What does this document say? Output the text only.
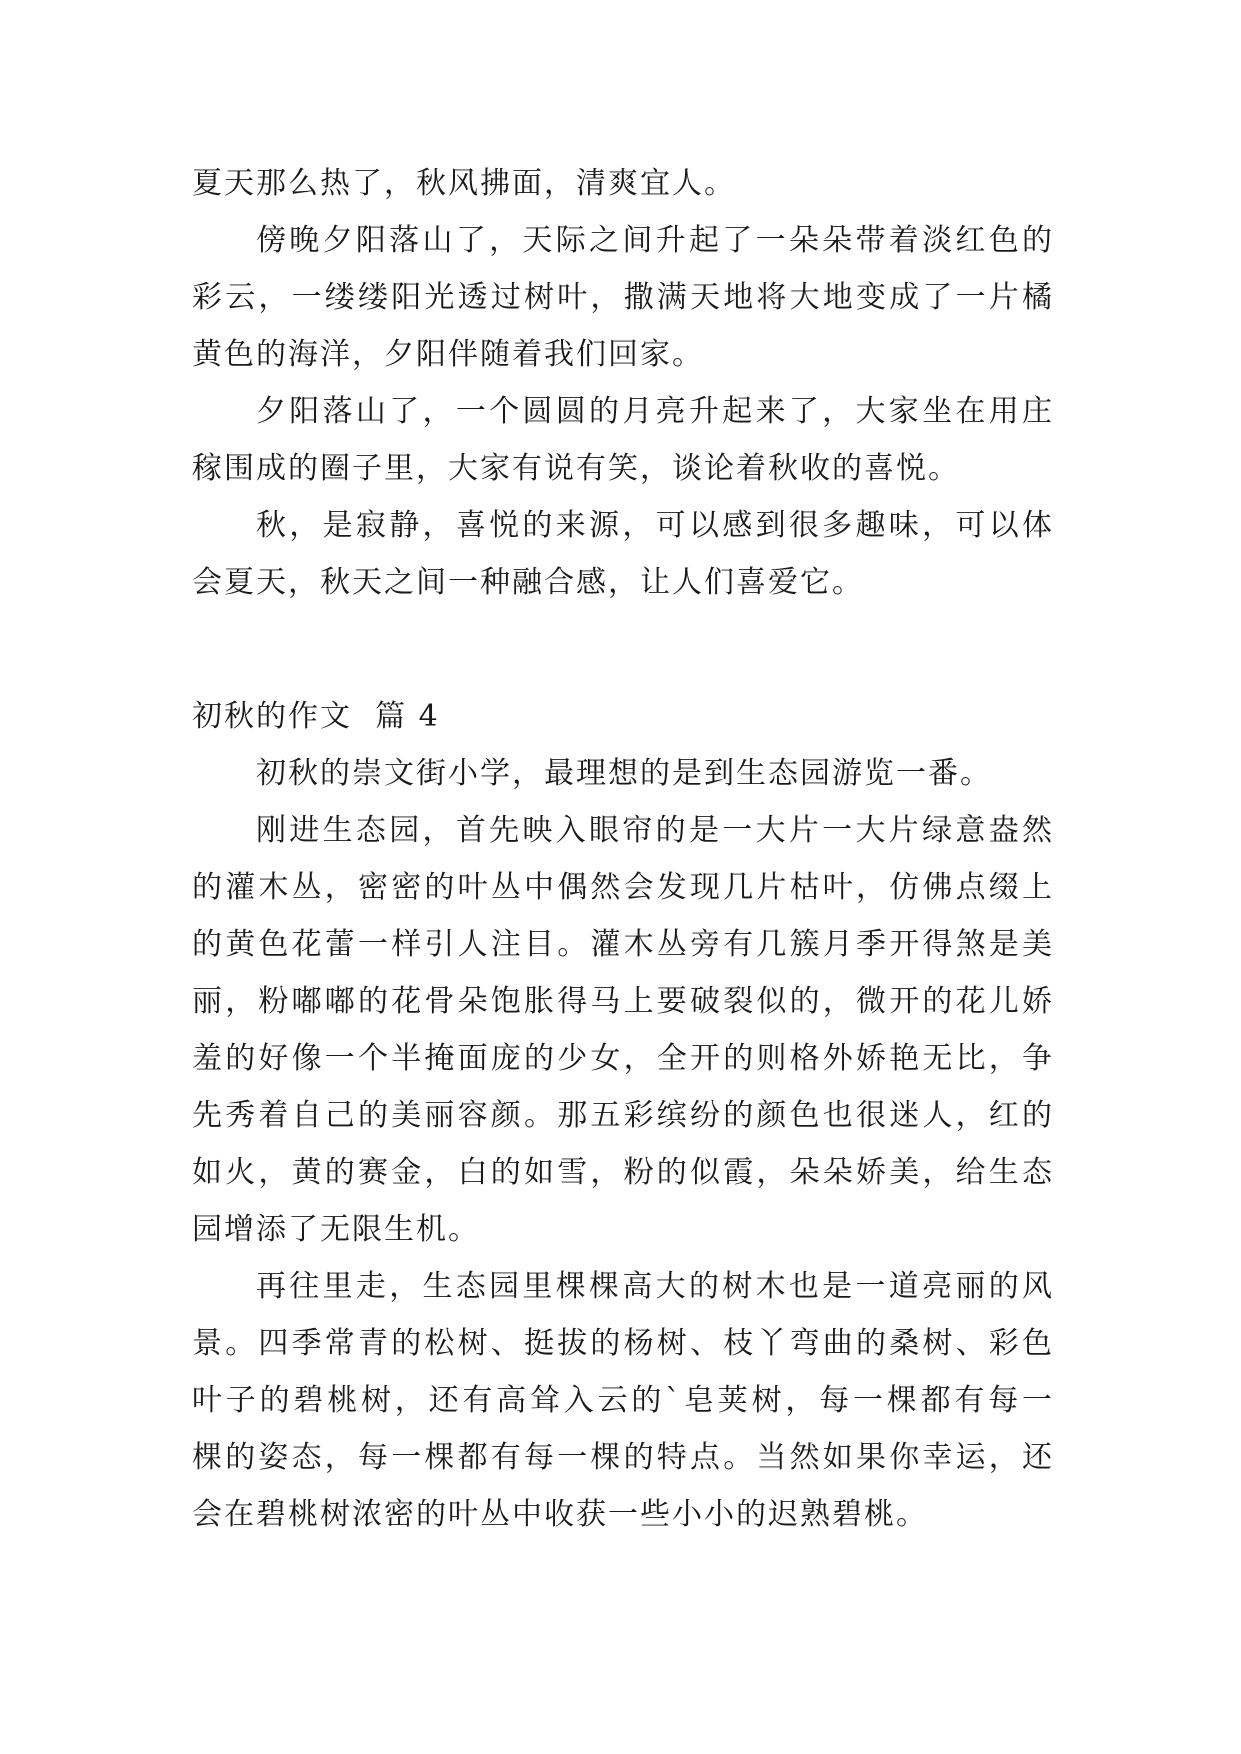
夏天那么热了，秋风拂面，清爽宜人。
傍晚夕阳落山了，天际之间升起了一朵朵带着淡红色的
彩云，一缕缕阳光透过树叶，撒满天地将大地变成了一片橘
黄色的海洋，夕阳伴随着我们回家。
夕阳落山了，一个圆圆的月亮升起来了，大家坐在用庄
稼围成的圈子里，大家有说有笑，谈论着秋收的喜悦。
秋，是寂静，喜悦的来源，可以感到很多趣味，可以体
会夏天，秋天之间一种融合感，让人们喜爱它。
初秋的作文  篇 4
初秋的崇文街小学，最理想的是到生态园游览一番。
刚进生态园，首先映入眼帘的是一大片一大片绿意盎然
的灌木丛，密密的叶丛中偶然会发现几片枯叶，仿佛点缀上
的黄色花蕾一样引人注目。灌木丛旁有几簇月季开得煞是美
丽，粉嘟嘟的花骨朵饱胀得马上要破裂似的，微开的花儿娇
羞的好像一个半掩面庞的少女，全开的则格外娇艳无比，争
先秀着自己的美丽容颜。那五彩缤纷的颜色也很迷人，红的
如火，黄的赛金，白的如雪，粉的似霞，朵朵娇美，给生态
园增添了无限生机。
再往里走，生态园里棵棵高大的树木也是一道亮丽的风
景。四季常青的松树、挺拔的杨树、枝丫弯曲的桑树、彩色
叶子的碧桃树，还有高耸入云的`皂荚树，每一棵都有每一
棵的姿态，每一棵都有每一棵的特点。当然如果你幸运，还
会在碧桃树浓密的叶丛中收获一些小小的迟熟碧桃。
